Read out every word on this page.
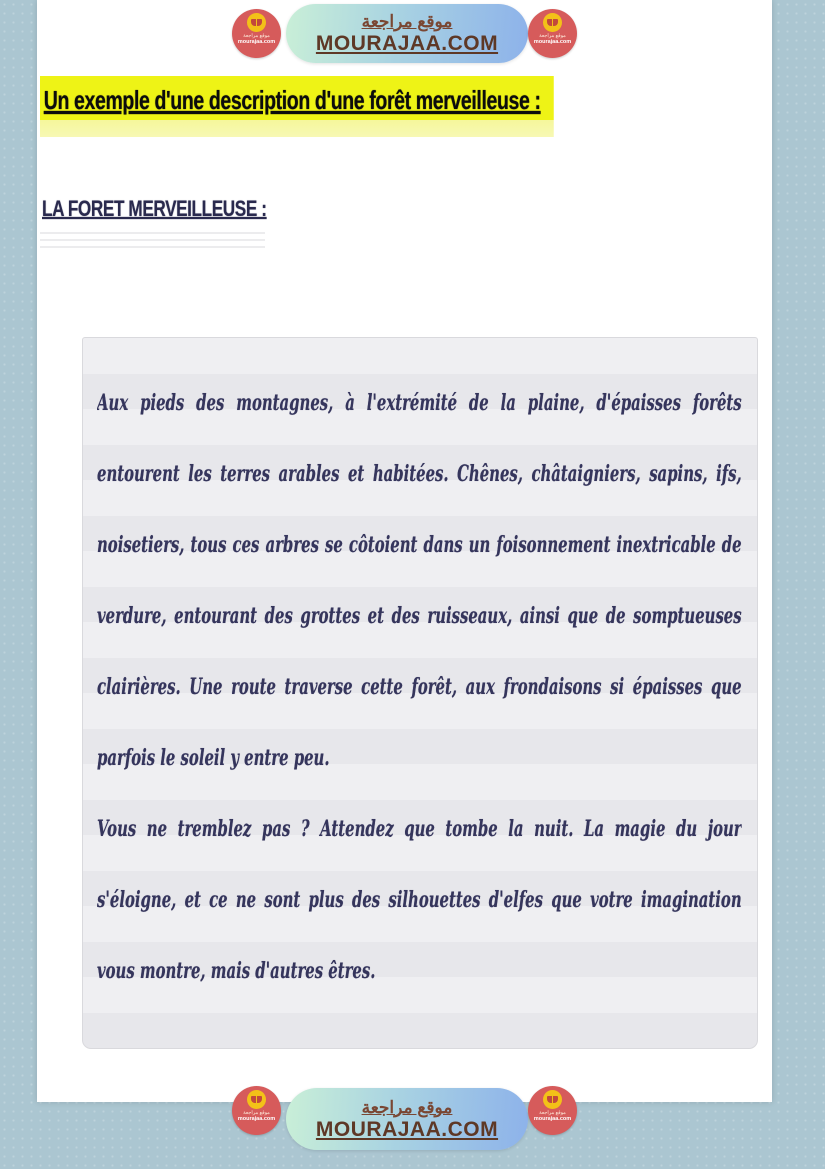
موقع مراجعة
mourajaa.com
موقع مراجعة
MOURAJAA.COM	موقع مراجعة
mourajaa.com
Un exemple d'une description d'une forêt merveilleuse :
LA FORET MERVEILLEUSE :
Aux pieds des montagnes, à l'extrémité de la plaine, d'épaisses forêts
entourent les terres arables et habitées. Chênes, châtaigniers, sapins, ifs,
noisetiers, tous ces arbres se côtoient dans un foisonnement inextricable de
verdure, entourant des grottes et des ruisseaux, ainsi que de somptueuses
clairières. Une route traverse cette forêt, aux frondaisons si épaisses que
parfois le soleil y entre peu.
Vous ne tremblez pas ? Attendez que tombe la nuit. La magie du jour
s'éloigne, et ce ne sont plus des silhouettes d'elfes que votre imagination
vous montre, mais d'autres êtres.
موقع مراجعة
mourajaa.com
موقع مراجعة
MOURAJAA.COM
موقع مراجعة
mourajaa.com
